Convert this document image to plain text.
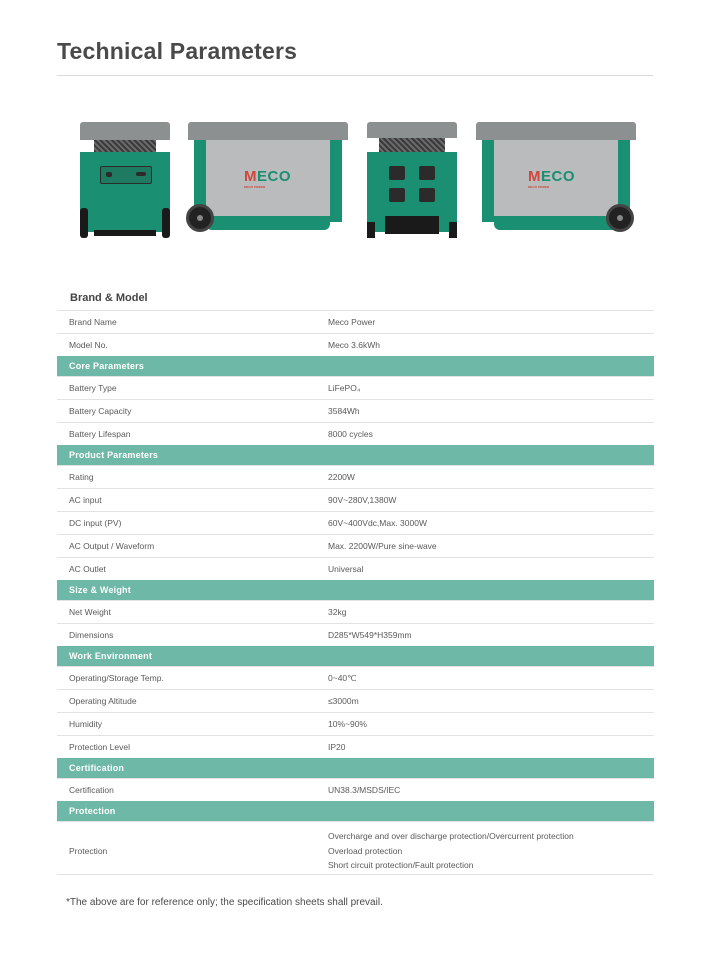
Technical Parameters
MECO
MECO POWER
MECO
MECO POWER
Brand & Model
Brand Name	Meco Power
Model No.	Meco 3.6kWh
Core Parameters	
Battery Type	LiFePO₄
Battery Capacity	3584Wh
Battery Lifespan	8000 cycles
Product Parameters	
Rating	2200W
AC input	90V~280V,1380W
DC input (PV)	60V~400Vdc,Max. 3000W
AC Output / Waveform	Max. 2200W/Pure sine-wave
AC Outlet	Universal
Size & Weight	
Net Weight	32kg
Dimensions	D285*W549*H359mm
Work Environment	
Operating/Storage Temp.	0~40℃
Operating Altitude	≤3000m
Humidity	10%~90%
Protection Level	IP20
Certification	
Certification	UN38.3/MSDS/IEC
Protection	
Protection	Overcharge and over discharge protection/Overcurrent protection
Overload protection
Short circuit protection/Fault protection
*The above are for reference only; the specification sheets shall prevail.
